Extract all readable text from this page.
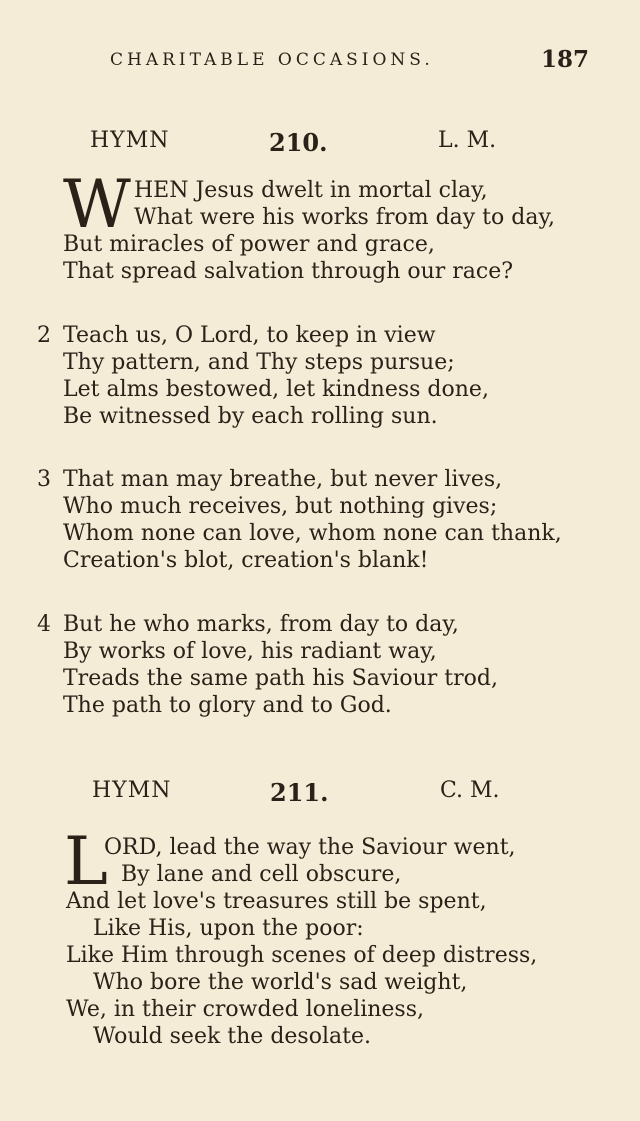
CHARITABLE OCCASIONS.	187
HYMN	210.	L. M.
W HEN Jesus dwelt in mortal clay,
What were his works from day to day,
But miracles of power and grace,
That spread salvation through our race?
2 Teach us, O Lord, to keep in view
Thy pattern, and Thy steps pursue;
Let alms bestowed, let kindness done,
Be witnessed by each rolling sun.
3 That man may breathe, but never lives,
Who much receives, but nothing gives;
Whom none can love, whom none can thank,
Creation's blot, creation's blank!
4 But he who marks, from day to day,
By works of love, his radiant way,
Treads the same path his Saviour trod,
The path to glory and to God.
HYMN	211.	C. M.
L
ORD, lead the way the Saviour went,
By lane and cell obscure,
And let love's treasures still be spent,
Like His, upon the poor:
Like Him through scenes of deep distress,
Who bore the world's sad weight,
We, in their crowded loneliness,
Would seek the desolate.
